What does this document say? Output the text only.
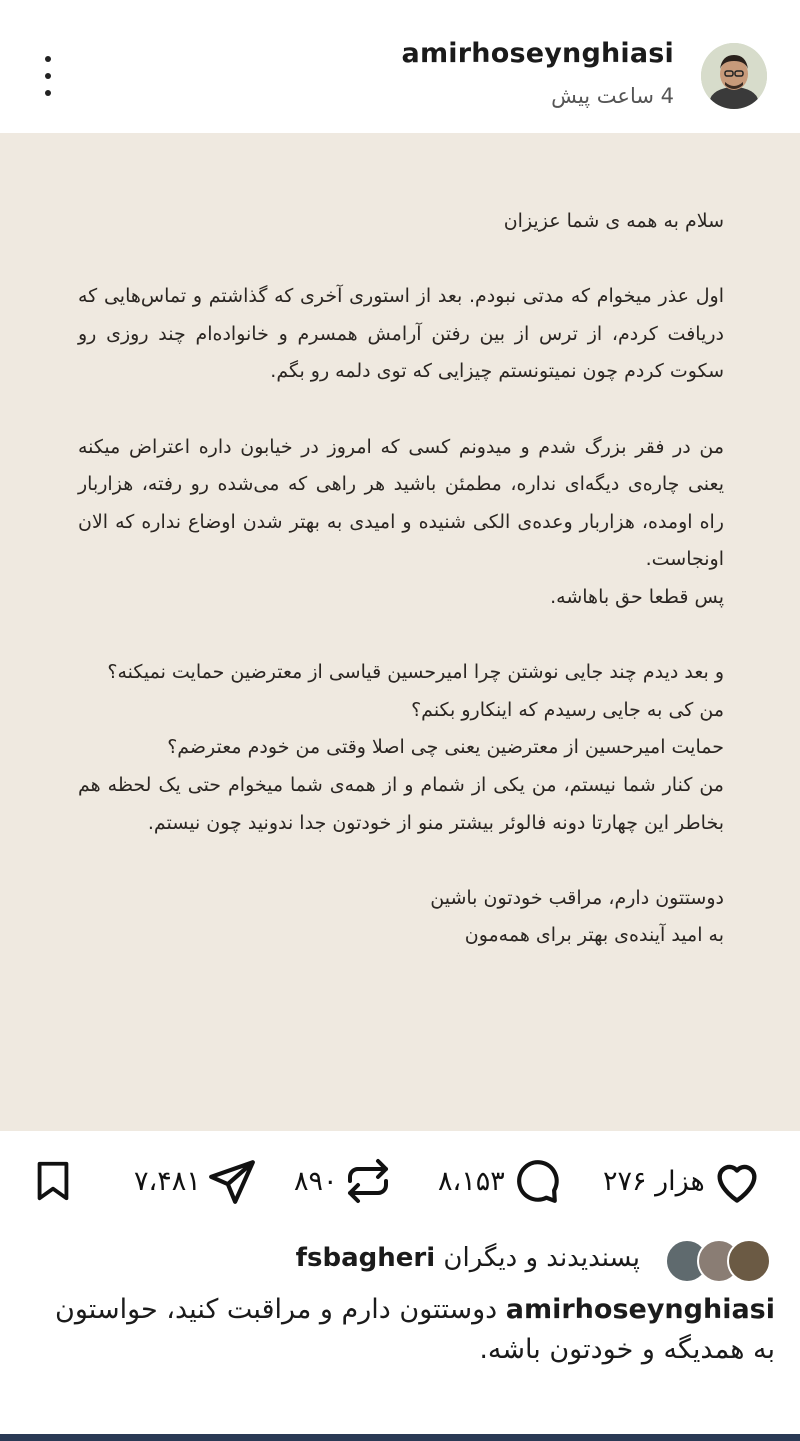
amirhoseynghiasi
4 ساعت پیش

سلام به همه ی شما عزیزان

اول عذر میخوام که مدتی نبودم. بعد از استوری آخری که گذاشتم و تماس‌هایی که دریافت کردم، از ترس از بین رفتن آرامش همسرم و خانواده‌ام چند روزی رو سکوت کردم چون نمیتونستم چیزایی که توی دلمه رو بگم.

من در فقر بزرگ شدم و میدونم کسی که امروز در خیابون داره اعتراض میکنه یعنی چاره‌ی دیگه‌ای نداره، مطمئن باشید هر راهی که می‌شده رو رفته، هزاربار راه اومده، هزاربار وعده‌ی الکی شنیده و امیدی به بهتر شدن اوضاع نداره که الان اونجاست.
پس قطعا حق باهاشه.

و بعد دیدم چند جایی نوشتن چرا امیرحسین قیاسی از معترضین حمایت نمیکنه؟
من کی به جایی رسیدم که اینکارو بکنم؟
حمایت امیرحسین از معترضین یعنی چی اصلا وقتی من خودم معترضم؟
من کنار شما نیستم، من یکی از شمام و از همه‌ی شما میخوام حتی یک لحظه هم بخاطر این چهارتا دونه فالوئر بیشتر منو از خودتون جدا ندونید چون نیستم.

دوستتون دارم، مراقب خودتون باشین
به امید آینده‌ی بهتر برای همه‌مون

۷،۴۸۱	۸۹۰	۸،۱۵۳	۲۷۶ هزار
fsbagheri	پسندیدند و دیگران
amirhoseynghiasi دوستتون دارم و مراقبت کنید، حواستون به همدیگه و خودتون باشه.
